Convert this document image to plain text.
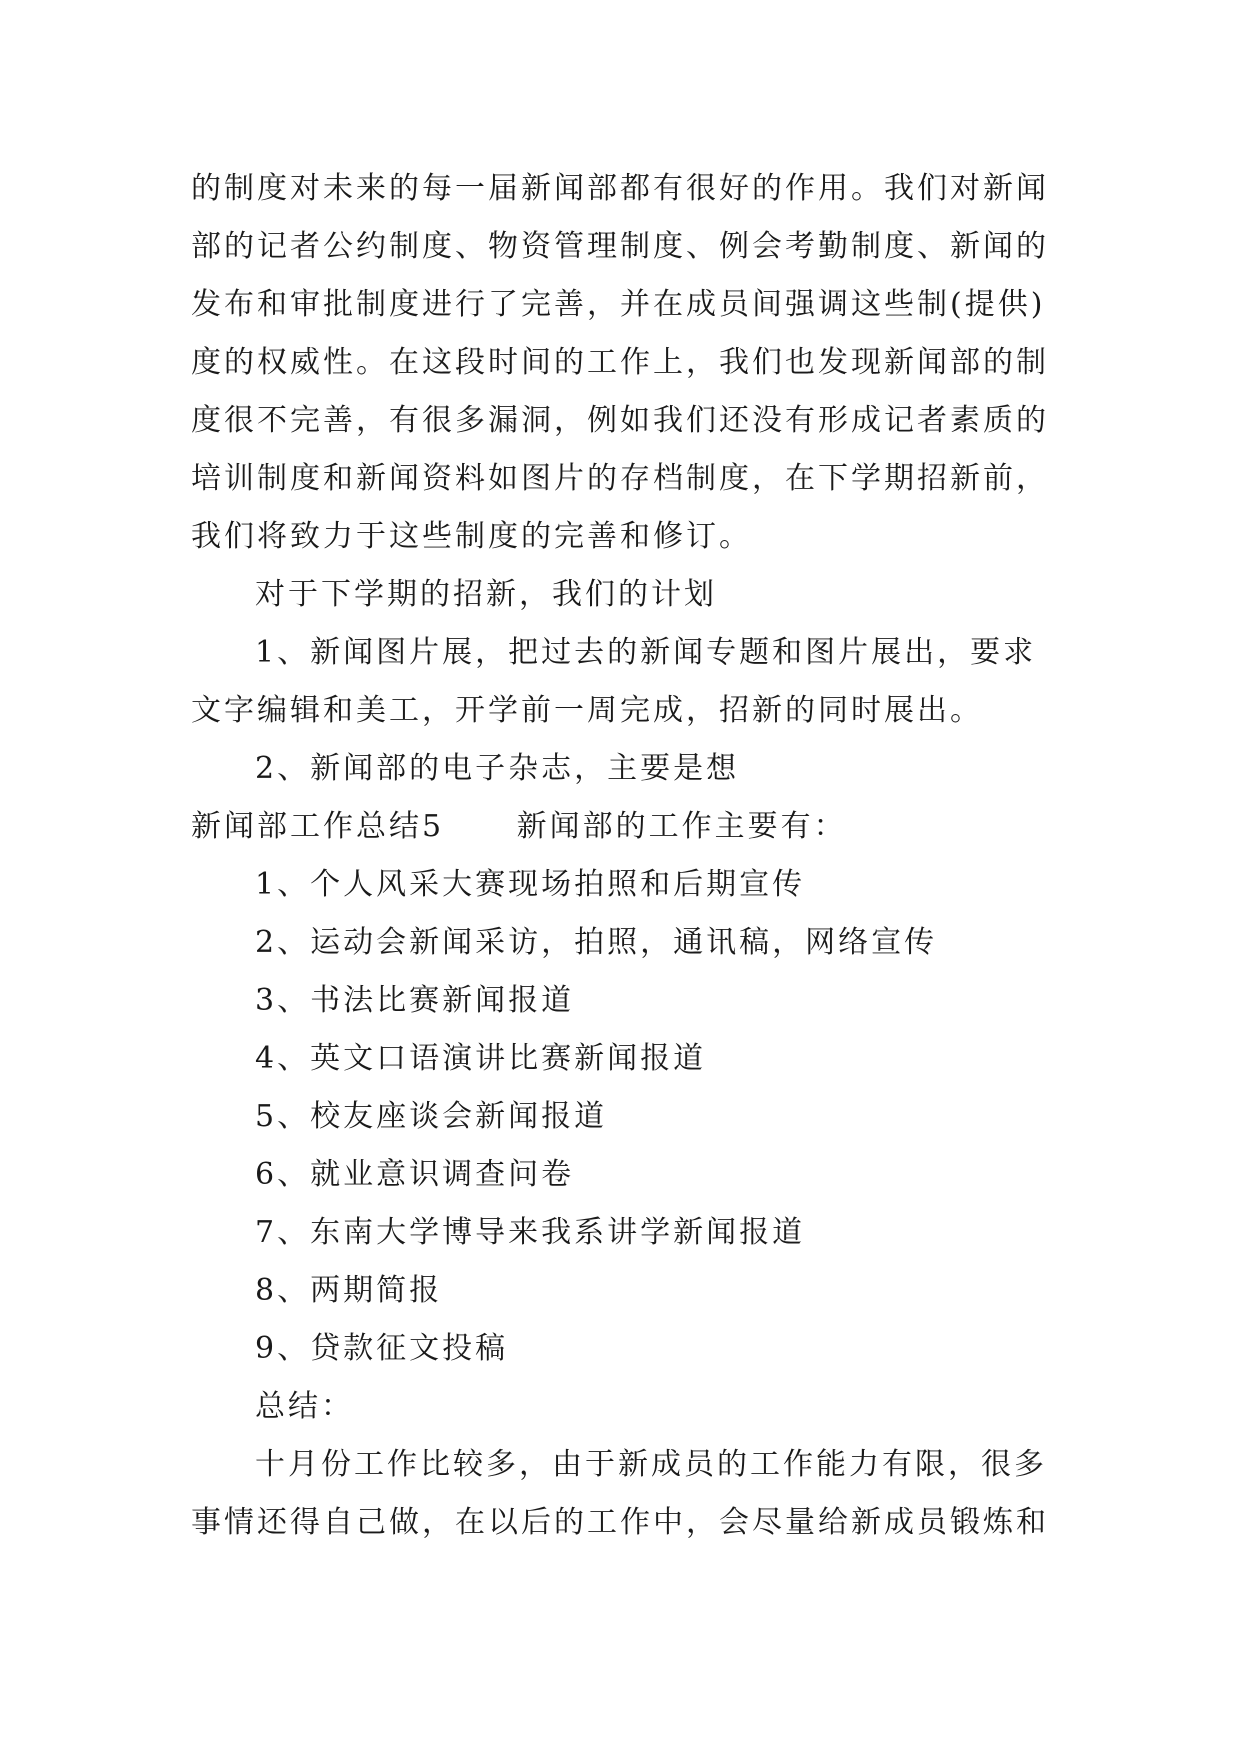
的制度对未来的每一届新闻部都有很好的作用。我们对新闻
部的记者公约制度、物资管理制度、例会考勤制度、新闻的
发布和审批制度进行了完善，并在成员间强调这些制(提供)
度的权威性。在这段时间的工作上，我们也发现新闻部的制
度很不完善，有很多漏洞，例如我们还没有形成记者素质的
培训制度和新闻资料如图片的存档制度，在下学期招新前，
我们将致力于这些制度的完善和修订。
对于下学期的招新，我们的计划
1、新闻图片展，把过去的新闻专题和图片展出，要求
文字编辑和美工，开学前一周完成，招新的同时展出。
2、新闻部的电子杂志，主要是想
新闻部工作总结5 新闻部的工作主要有：
1、个人风采大赛现场拍照和后期宣传
2、运动会新闻采访，拍照，通讯稿，网络宣传
3、书法比赛新闻报道
4、英文口语演讲比赛新闻报道
5、校友座谈会新闻报道
6、就业意识调查问卷
7、东南大学博导来我系讲学新闻报道
8、两期简报
9、贷款征文投稿
总结：
十月份工作比较多，由于新成员的工作能力有限，很多
事情还得自己做，在以后的工作中，会尽量给新成员锻炼和
